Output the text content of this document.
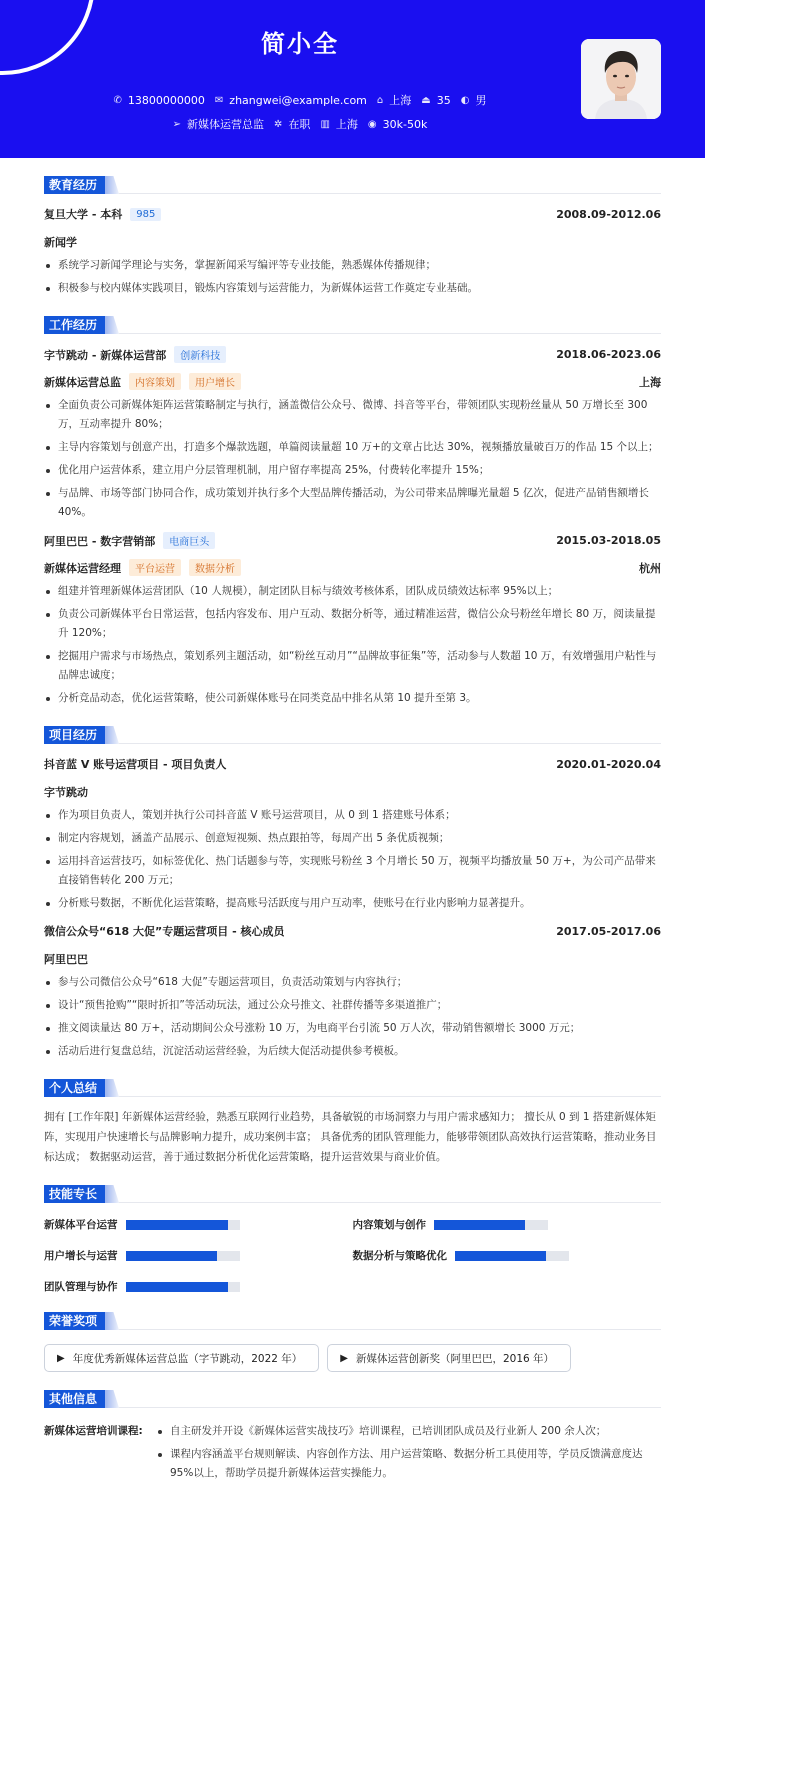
简小全
✆ 13800000000 ✉ zhangwei@example.com ⌂ 上海 ⏏ 35 ◐ 男
➢ 新媒体运营总监 ✲ 在职 ▥ 上海 ◉ 30k-50k
教育经历
复旦大学 - 本科	985	2008.09-2012.06
新闻学
系统学习新闻学理论与实务，掌握新闻采写编评等专业技能，熟悉媒体传播规律；
积极参与校内媒体实践项目，锻炼内容策划与运营能力，为新媒体运营工作奠定专业基础。
工作经历
字节跳动 - 新媒体运营部	创新科技	2018.06-2023.06
新媒体运营总监	内容策划	用户增长	上海
全面负责公司新媒体矩阵运营策略制定与执行，涵盖微信公众号、微博、抖音等平台，带领团队实现粉丝量从 50 万增长至 300 万，互动率提升 80%；
主导内容策划与创意产出，打造多个爆款选题，单篇阅读量超 10 万+的文章占比达 30%，视频播放量破百万的作品 15 个以上；
优化用户运营体系，建立用户分层管理机制，用户留存率提高 25%，付费转化率提升 15%；
与品牌、市场等部门协同合作，成功策划并执行多个大型品牌传播活动，为公司带来品牌曝光量超 5 亿次，促进产品销售额增长 40%。
阿里巴巴 - 数字营销部	电商巨头	2015.03-2018.05
新媒体运营经理	平台运营	数据分析	杭州
组建并管理新媒体运营团队（10 人规模），制定团队目标与绩效考核体系，团队成员绩效达标率 95%以上；
负责公司新媒体平台日常运营，包括内容发布、用户互动、数据分析等，通过精准运营，微信公众号粉丝年增长 80 万，阅读量提升 120%；
挖掘用户需求与市场热点，策划系列主题活动，如“粉丝互动月”“品牌故事征集”等，活动参与人数超 10 万，有效增强用户粘性与品牌忠诚度；
分析竞品动态，优化运营策略，使公司新媒体账号在同类竞品中排名从第 10 提升至第 3。
项目经历
抖音蓝 V 账号运营项目 - 项目负责人	2020.01-2020.04
字节跳动
作为项目负责人，策划并执行公司抖音蓝 V 账号运营项目，从 0 到 1 搭建账号体系；
制定内容规划，涵盖产品展示、创意短视频、热点跟拍等，每周产出 5 条优质视频；
运用抖音运营技巧，如标签优化、热门话题参与等，实现账号粉丝 3 个月增长 50 万，视频平均播放量 50 万+，为公司产品带来直接销售转化 200 万元；
分析账号数据，不断优化运营策略，提高账号活跃度与用户互动率，使账号在行业内影响力显著提升。
微信公众号“618 大促”专题运营项目 - 核心成员	2017.05-2017.06
阿里巴巴
参与公司微信公众号“618 大促”专题运营项目，负责活动策划与内容执行；
设计“预售抢购”“限时折扣”等活动玩法，通过公众号推文、社群传播等多渠道推广；
推文阅读量达 80 万+，活动期间公众号涨粉 10 万，为电商平台引流 50 万人次，带动销售额增长 3000 万元；
活动后进行复盘总结，沉淀活动运营经验，为后续大促活动提供参考模板。
个人总结
拥有 [工作年限] 年新媒体运营经验，熟悉互联网行业趋势，具备敏锐的市场洞察力与用户需求感知力； 擅长从 0 到 1 搭建新媒体矩阵，实现用户快速增长与品牌影响力提升，成功案例丰富； 具备优秀的团队管理能力，能够带领团队高效执行运营策略，推动业务目标达成； 数据驱动运营，善于通过数据分析优化运营策略，提升运营效果与商业价值。
技能专长
新媒体平台运营	内容策划与创作
用户增长与运营	数据分析与策略优化
团队管理与协作
荣誉奖项
▶ 年度优秀新媒体运营总监（字节跳动，2022 年）	▶ 新媒体运营创新奖（阿里巴巴，2016 年）
其他信息
新媒体运营培训课程:	自主研发并开设《新媒体运营实战技巧》培训课程，已培训团队成员及行业新人 200 余人次；
课程内容涵盖平台规则解读、内容创作方法、用户运营策略、数据分析工具使用等，学员反馈满意度达 95%以上，帮助学员提升新媒体运营实操能力。
